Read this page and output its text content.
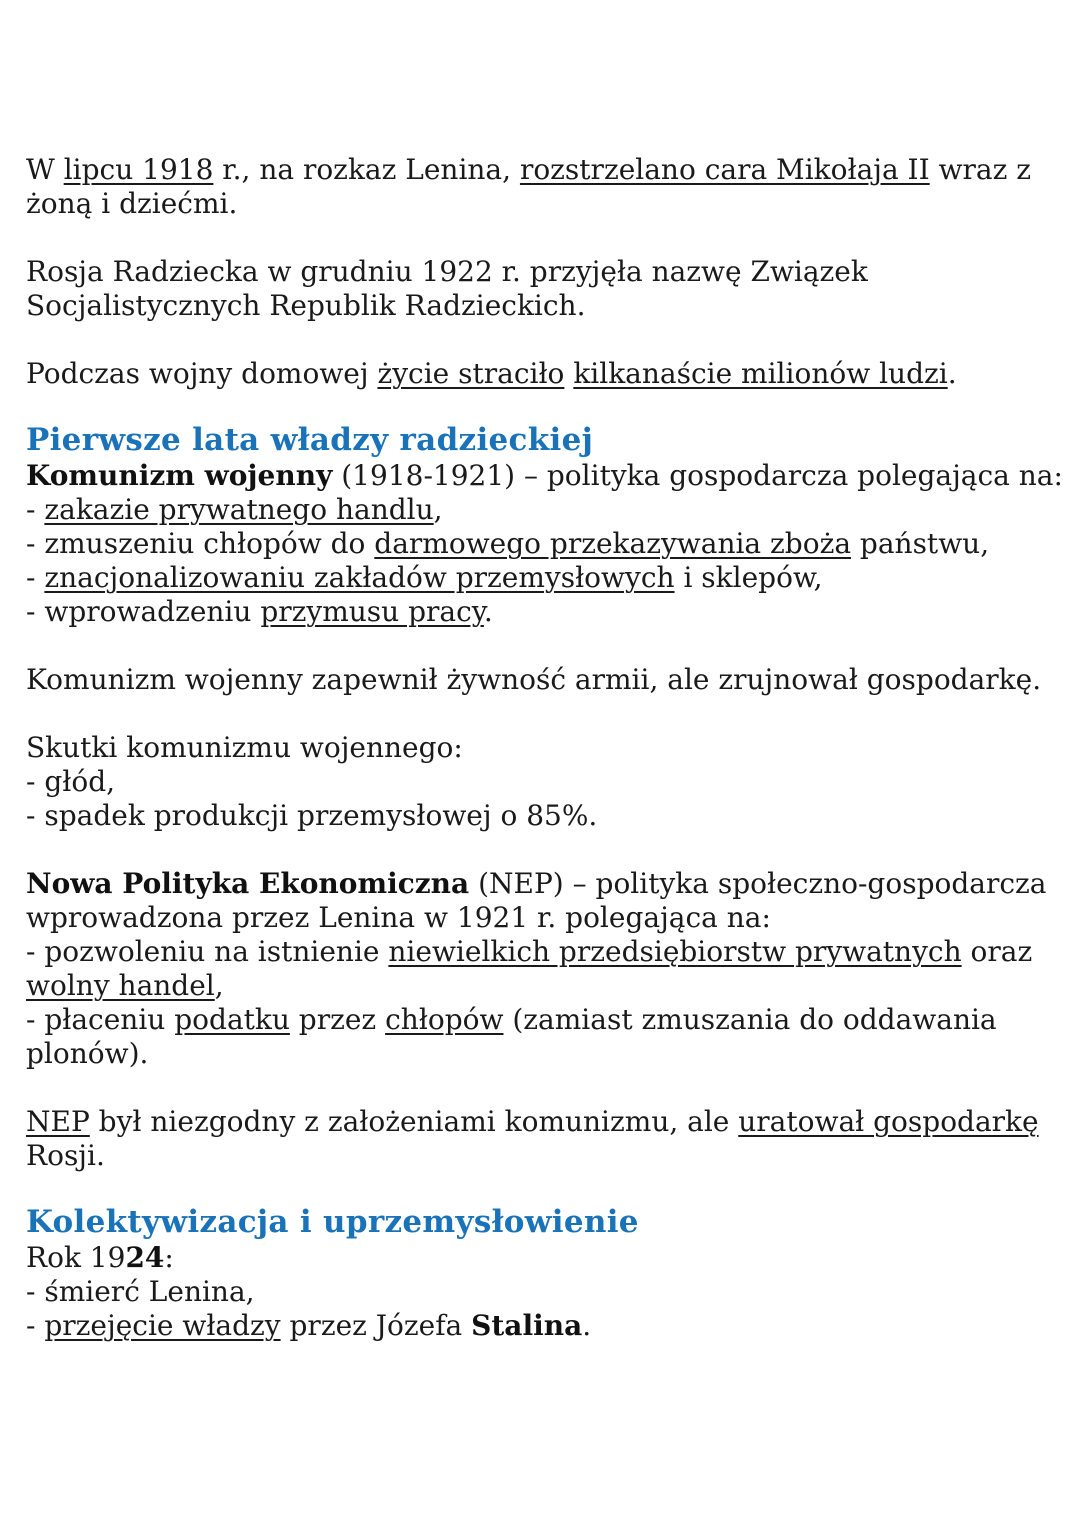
W lipcu 1918 r., na rozkaz Lenina, rozstrzelano cara Mikołaja II wraz z
żoną i dziećmi.

Rosja Radziecka w grudniu 1922 r. przyjęła nazwę Związek
Socjalistycznych Republik Radzieckich.

Podczas wojny domowej życie straciło kilkanaście milionów ludzi.

Pierwsze lata władzy radzieckiej

Komunizm wojenny (1918-1921) – polityka gospodarcza polegająca na:

- zakazie prywatnego handlu,

- zmuszeniu chłopów do darmowego przekazywania zboża państwu,

- znacjonalizowaniu zakładów przemysłowych i sklepów,

- wprowadzeniu przymusu pracy.

Komunizm wojenny zapewnił żywność armii, ale zrujnował gospodarkę.

Skutki komunizmu wojennego:

- głód,

- spadek produkcji przemysłowej o 85%.

Nowa Polityka Ekonomiczna (NEP) – polityka społeczno-gospodarcza
wprowadzona przez Lenina w 1921 r. polegająca na:

- pozwoleniu na istnienie niewielkich przedsiębiorstw prywatnych oraz
wolny handel,

- płaceniu podatku przez chłopów (zamiast zmuszania do oddawania
plonów).

NEP był niezgodny z założeniami komunizmu, ale uratował gospodarkę
Rosji.

Kolektywizacja i uprzemysłowienie

Rok 1924:

- śmierć Lenina,

- przejęcie władzy przez Józefa Stalina.
